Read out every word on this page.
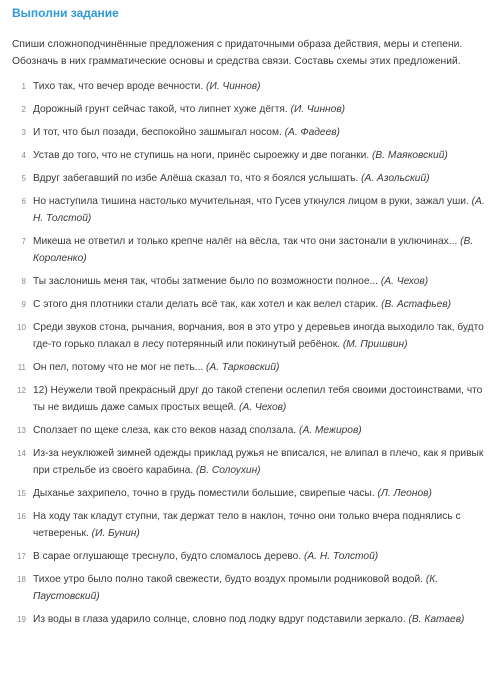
Выполни задание
Спиши сложноподчинённые предложения с придаточными образа действия, меры и степени. Обозначь в них грамматические основы и средства связи. Составь схемы этих предложений.
1 Тихо так, что вечер вроде вечности. (И. Чиннов)
2 Дорожный грунт сейчас такой, что липнет хуже дёгтя. (И. Чиннов)
3 И тот, что был позади, беспокойно зашмыгал носом. (А. Фадеев)
4 Устав до того, что не ступишь на ноги, принёс сыроежку и две поганки. (В. Маяковский)
5 Вдруг забегавший по избе Алёша сказал то, что я боялся услышать. (А. Азольский)
6 Но наступила тишина настолько мучительная, что Гусев уткнулся лицом в руки, зажал уши. (А. Н. Толстой)
7 Микеша не ответил и только крепче налёг на вёсла, так что они застонали в уключинах... (В. Короленко)
8 Ты заслонишь меня так, чтобы затмение было по возможности полное... (А. Чехов)
9 С этого дня плотники стали делать всё так, как хотел и как велел старик. (В. Астафьев)
10 Среди звуков стона, рычания, ворчания, воя в это утро у деревьев иногда выходило так, будто где-то горько плакал в лесу потерянный или покинутый ребёнок. (М. Пришвин)
11 Он пел, потому что не мог не петь... (А. Тарковский)
12 12) Неужели твой прекрасный друг до такой степени ослепил тебя своими достоинствами, что ты не видишь даже самых простых вещей. (А. Чехов)
13 Сползает по щеке слеза, как сто веков назад сползала. (А. Межиров)
14 Из-за неуклюжей зимней одежды приклад ружья не вписался, не влипал в плечо, как я привык при стрельбе из своего карабина. (В. Солоухин)
15 Дыханье захрипело, точно в грудь поместили большие, свирепые часы. (Л. Леонов)
16 На ходу так кладут ступни, так держат тело в наклон, точно они только вчера поднялись с четвереньк. (И. Бунин)
17 В сарае оглушающе треснуло, будто сломалось дерево. (А. Н. Толстой)
18 Тихое утро было полно такой свежести, будто воздух промыли родниковой водой. (К. Паустовский)
19 Из воды в глаза ударило солнце, словно под лодку вдруг подставили зеркало. (В. Катаев)
